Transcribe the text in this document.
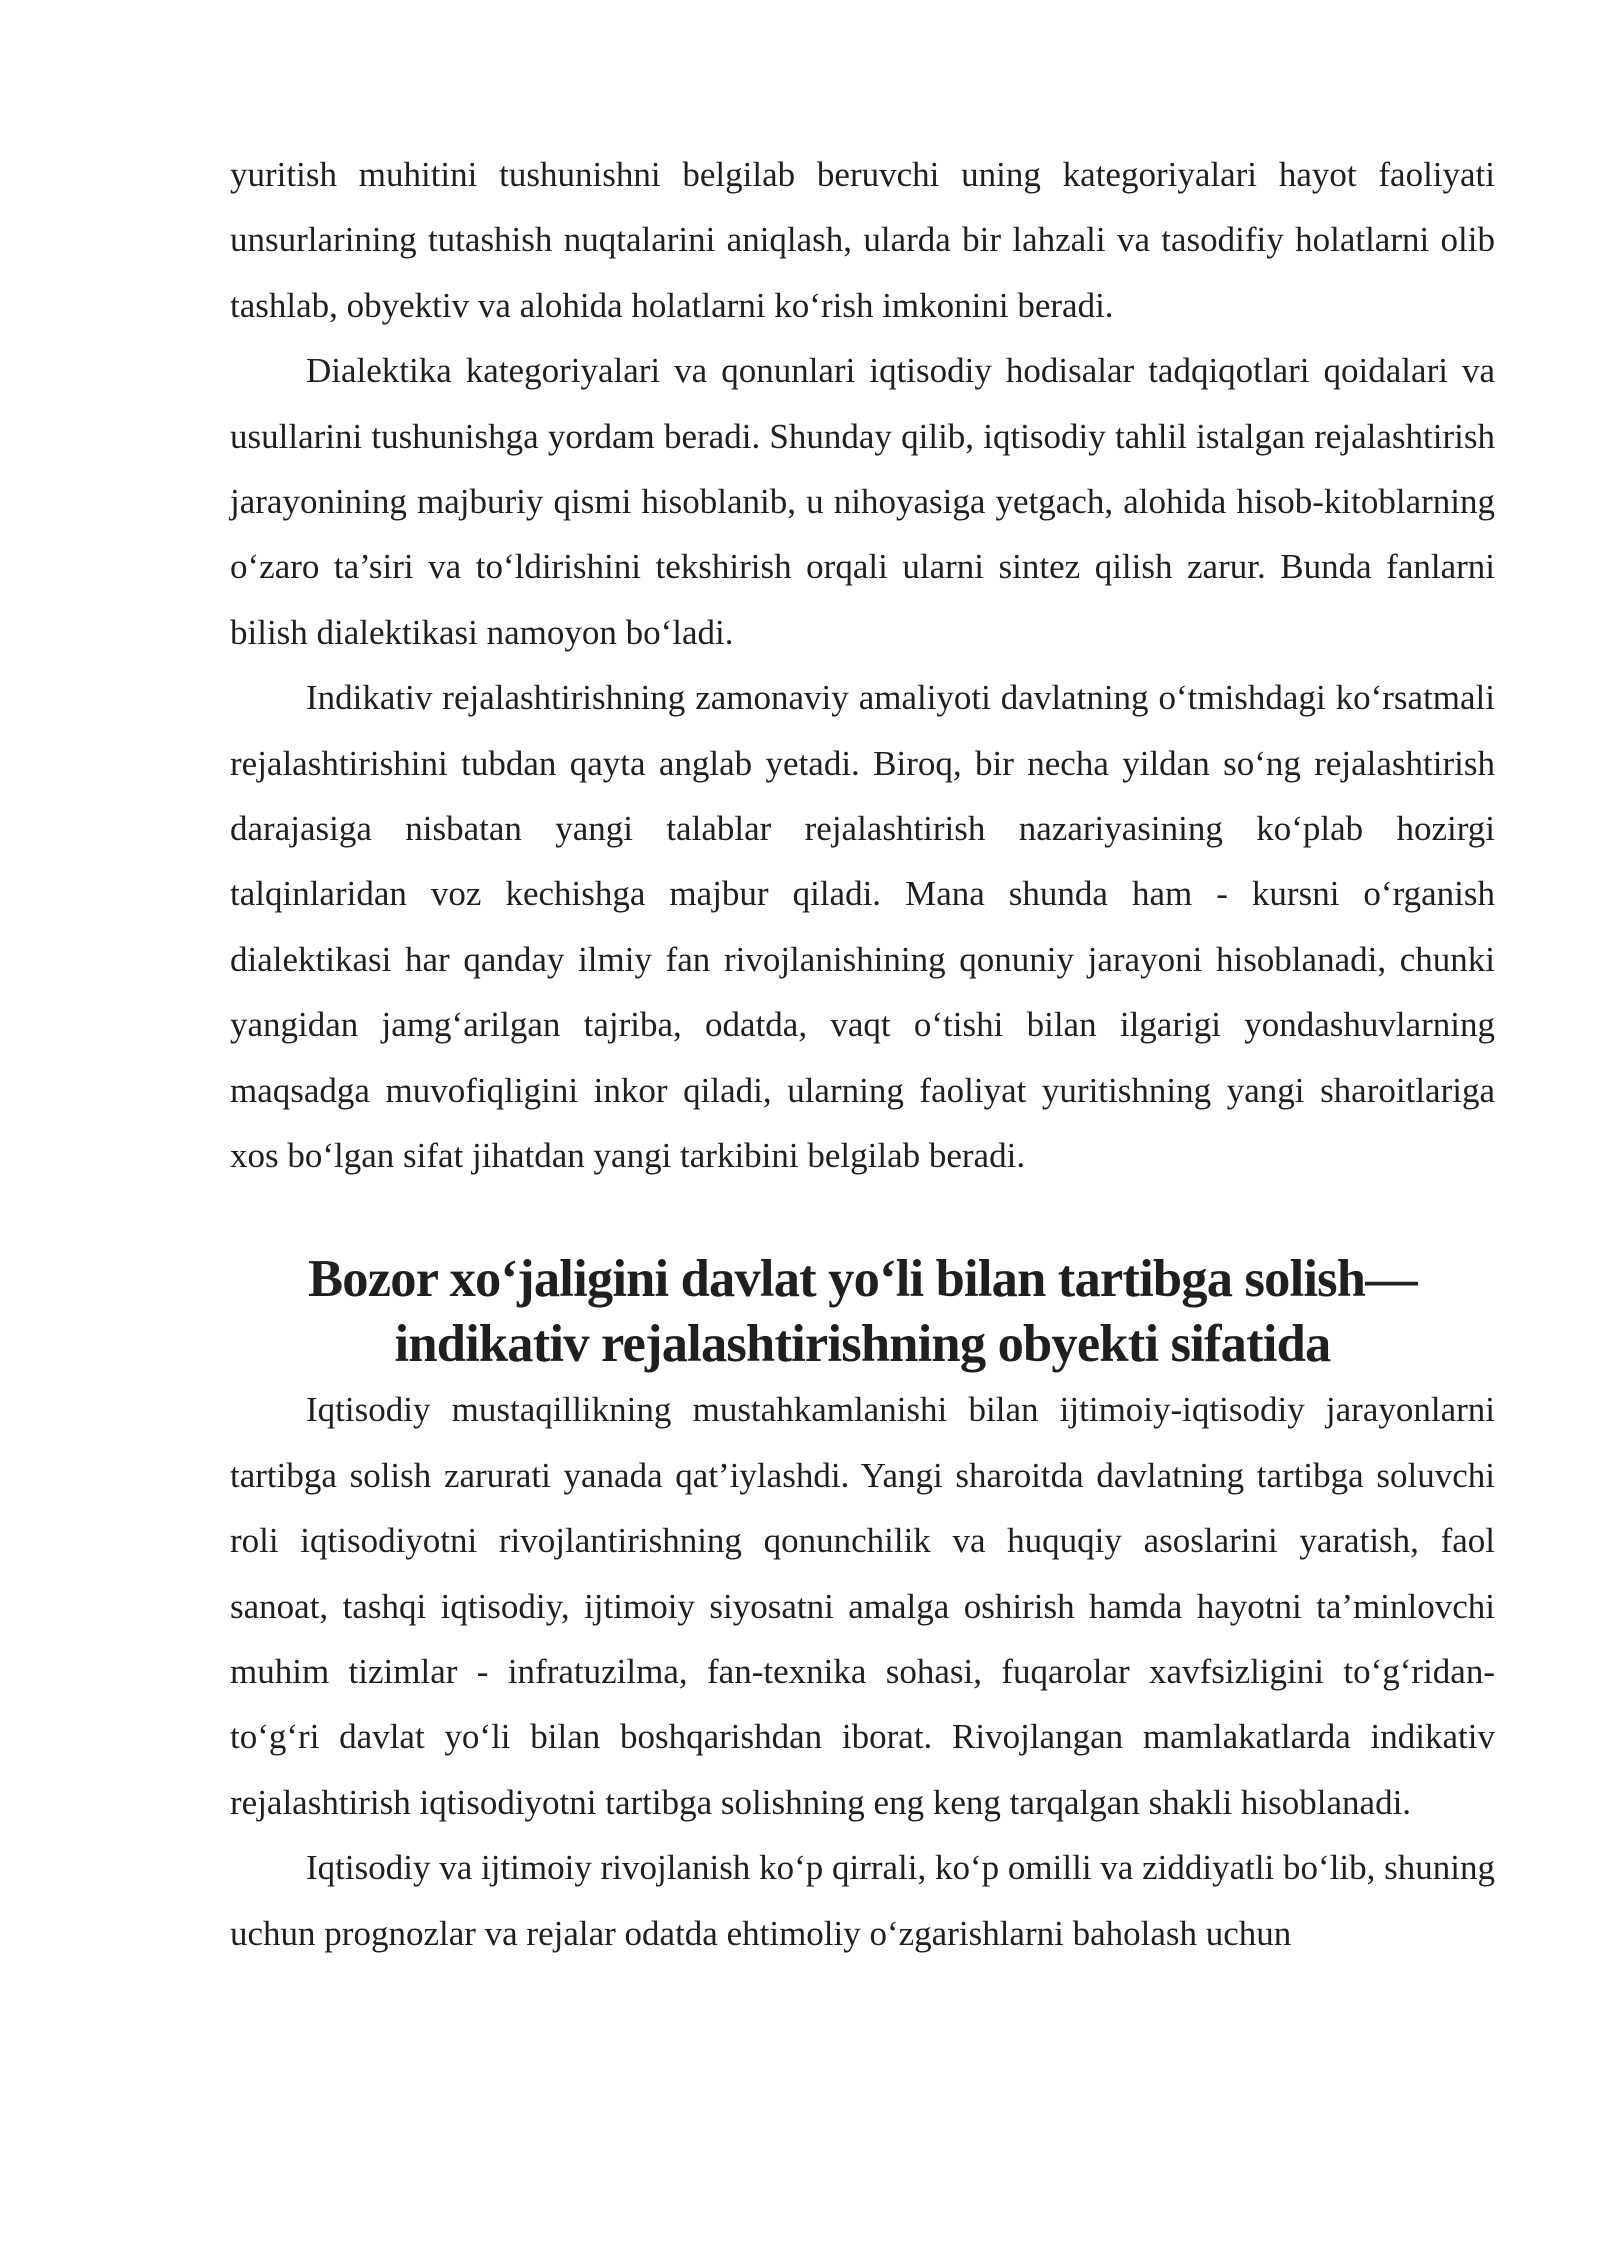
yuritish muhitini tushunishni belgilab beruvchi uning kategoriyalari hayot faoliyati unsurlarining tutashish nuqtalarini aniqlash, ularda bir lahzali va tasodifiy holatlarni olib tashlab, obyektiv va alohida holatlarni ko‘rish imkonini beradi.

Dialektika kategoriyalari va qonunlari iqtisodiy hodisalar tadqiqotlari qoidalari va usullarini tushunishga yordam beradi. Shunday qilib, iqtisodiy tahlil istalgan rejalashtirish jarayonining majburiy qismi hisoblanib, u nihoyasiga yetgach, alohida hisob-kitoblarning o‘zaro ta’siri va to‘ldirishini tekshirish orqali ularni sintez qilish zarur. Bunda fanlarni bilish dialektikasi namoyon bo‘ladi.

Indikativ rejalashtirishning zamonaviy amaliyoti davlatning o‘tmishdagi ko‘rsatmali rejalashtirishini tubdan qayta anglab yetadi. Biroq, bir necha yildan so‘ng rejalashtirish darajasiga nisbatan yangi talablar rejalashtirish nazariyasining ko‘plab hozirgi talqinlaridan voz kechishga majbur qiladi. Mana shunda ham - kursni o‘rganish dialektikasi har qanday ilmiy fan rivojlanishining qonuniy jarayoni hisoblanadi, chunki yangidan jamg‘arilgan tajriba, odatda, vaqt o‘tishi bilan ilgarigi yondashuvlarning maqsadga muvofiqligini inkor qiladi, ularning faoliyat yuritishning yangi sharoitlariga xos bo‘lgan sifat jihatdan yangi tarkibini belgilab beradi.

Bozor xo‘jaligini davlat yo‘li bilan tartibga solish— indikativ rejalashtirishning obyekti sifatida

Iqtisodiy mustaqillikning mustahkamlanishi bilan ijtimoiy-iqtisodiy jarayonlarni tartibga solish zarurati yanada qat’iylashdi. Yangi sharoitda davlatning tartibga soluvchi roli iqtisodiyotni rivojlantirishning qonunchilik va huquqiy asoslarini yaratish, faol sanoat, tashqi iqtisodiy, ijtimoiy siyosatni amalga oshirish hamda hayotni ta’minlovchi muhim tizimlar - infratuzilma, fan-texnika sohasi, fuqarolar xavfsizligini to‘g‘ridan-to‘g‘ri davlat yo‘li bilan boshqarishdan iborat. Rivojlangan mamlakatlarda indikativ rejalashtirish iqtisodiyotni tartibga solishning eng keng tarqalgan shakli hisoblanadi.

Iqtisodiy va ijtimoiy rivojlanish ko‘p qirrali, ko‘p omilli va ziddiyatli bo‘lib, shuning uchun prognozlar va rejalar odatda ehtimoliy o‘zgarishlarni baholash uchun
